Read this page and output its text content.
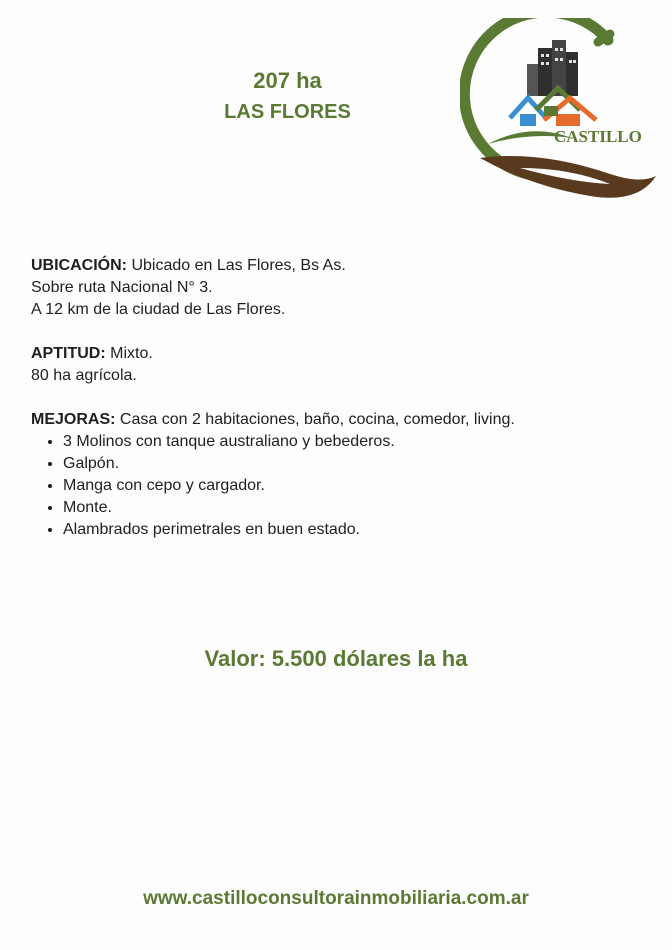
207 ha

LAS FLORES

CASTILLO

UBICACIÓN: Ubicado en Las Flores, Bs As.

Sobre ruta Nacional N° 3.

A 12 km de la ciudad de Las Flores.

APTITUD: Mixto.

80 ha agrícola.

MEJORAS: Casa con 2 habitaciones, baño, cocina, comedor, living.

• 3 Molinos con tanque australiano y bebederos.
• Galpón.
• Manga con cepo y cargador.
• Monte.
• Alambrados perimetrales en buen estado.
Valor: 5.500 dólares la ha
www.castilloconsultorainmobiliaria.com.ar
